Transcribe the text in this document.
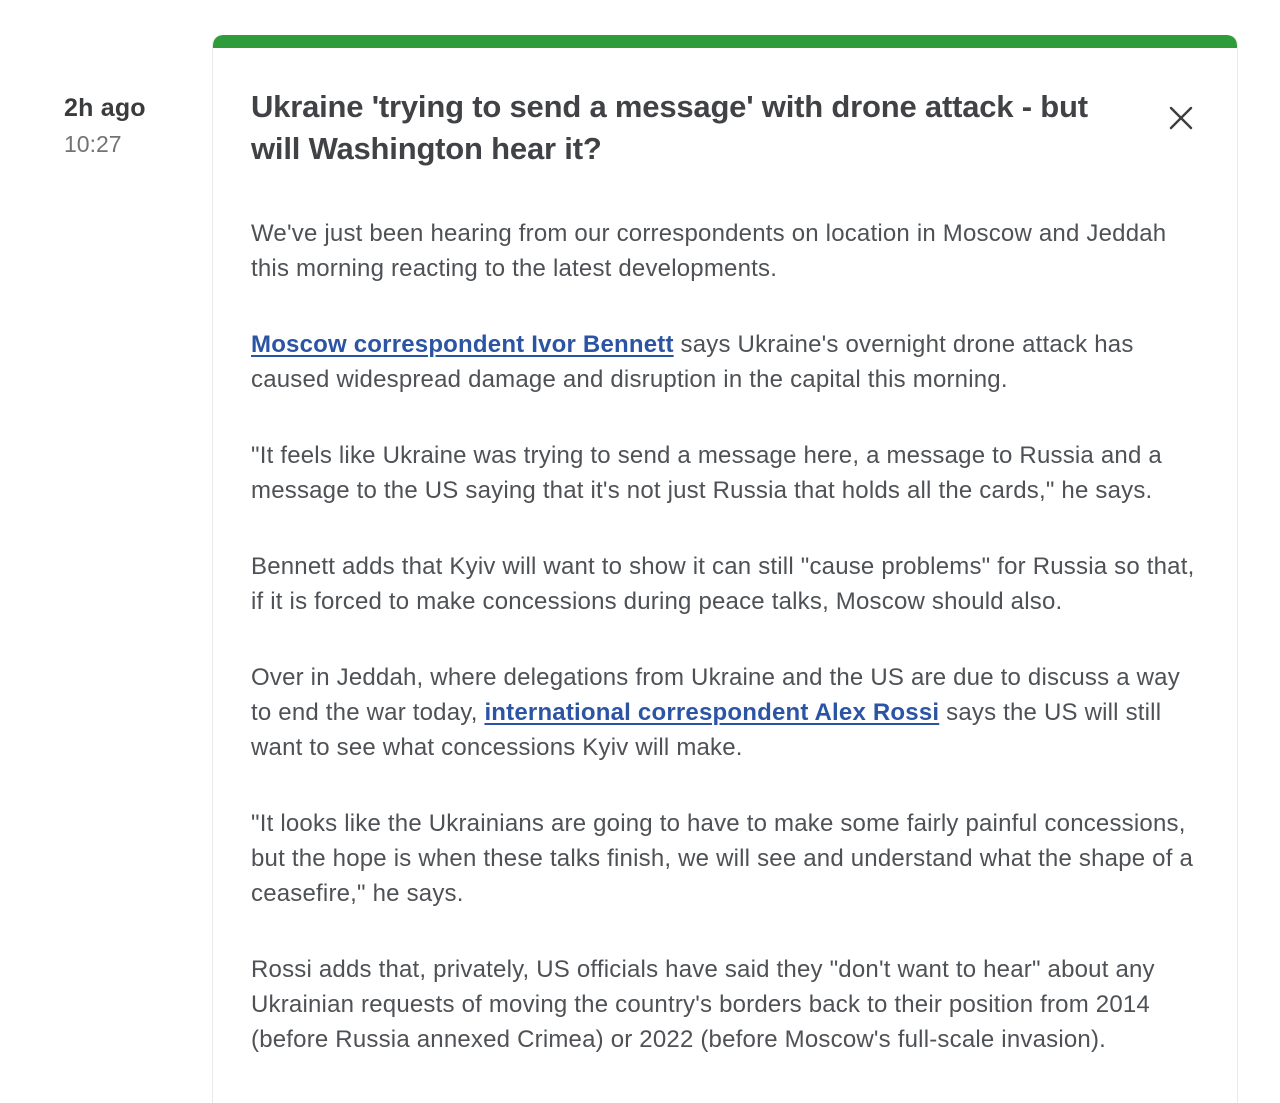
2h ago
10:27
Ukraine 'trying to send a message' with drone attack - but will Washington hear it?

We've just been hearing from our correspondents on location in Moscow and Jeddah this morning reacting to the latest developments.

Moscow correspondent Ivor Bennett says Ukraine's overnight drone attack has caused widespread damage and disruption in the capital this morning.

"It feels like Ukraine was trying to send a message here, a message to Russia and a message to the US saying that it's not just Russia that holds all the cards," he says.

Bennett adds that Kyiv will want to show it can still "cause problems" for Russia so that, if it is forced to make concessions during peace talks, Moscow should also.

Over in Jeddah, where delegations from Ukraine and the US are due to discuss a way to end the war today, international correspondent Alex Rossi says the US will still want to see what concessions Kyiv will make.

"It looks like the Ukrainians are going to have to make some fairly painful concessions, but the hope is when these talks finish, we will see and understand what the shape of a ceasefire," he says.

Rossi adds that, privately, US officials have said they "don't want to hear" about any Ukrainian requests of moving the country's borders back to their position from 2014 (before Russia annexed Crimea) or 2022 (before Moscow's full-scale invasion).
